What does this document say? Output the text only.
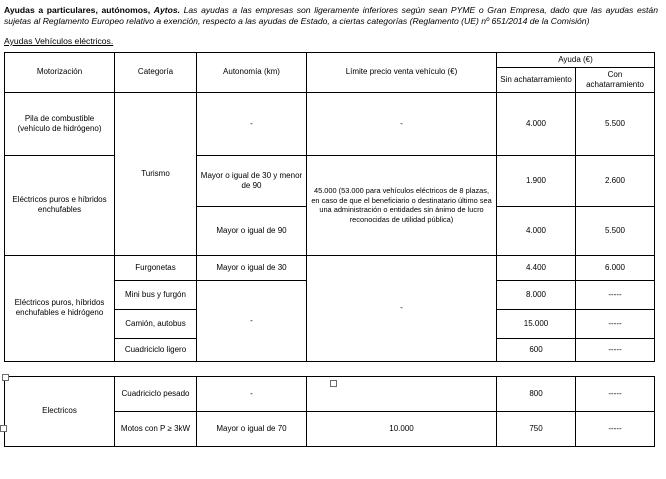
Ayudas a particulares, autónomos, Aytos. Las ayudas a las empresas son ligeramente inferiores según sean PYME o Gran Empresa, dado que las ayudas están sujetas al Reglamento Europeo relativo a exención, respecto a las ayudas de Estado, a ciertas categorías (Reglamento (UE) nº 651/2014 de la Comisión)

Ayudas Vehículos eléctricos.

Motorización	Categoría	Autonomía (km)	Límite precio venta vehículo (€)	Ayuda (€)	
				Sin achatarramiento	Con achatarramiento
Pila de combustible (vehículo de hidrógeno)	Turismo	-	-	4.000	5.500
Eléctricos puros e híbridos enchufables		Mayor o igual de 30 y menor de 90	45.000 (53.000 para vehículos eléctricos de 8 plazas, en caso de que el beneficiario o destinatario último sea una administración o entidades sin ánimo de lucro reconocidas de utilidad pública)	1.900	2.600
		Mayor o igual de 90		4.000	5.500
Eléctricos puros, híbridos enchufables e hidrógeno	Furgonetas	Mayor o igual de 30	-	4.400	6.000
	Mini bus y furgón	-		8.000	-----
	Camión, autobus			15.000	-----
	Cuadriciclo ligero			600	-----
Electricos	Cuadriciclo pesado	-		800	-----
	Motos con P ≥ 3kW	Mayor o igual de 70	10.000	750	-----
